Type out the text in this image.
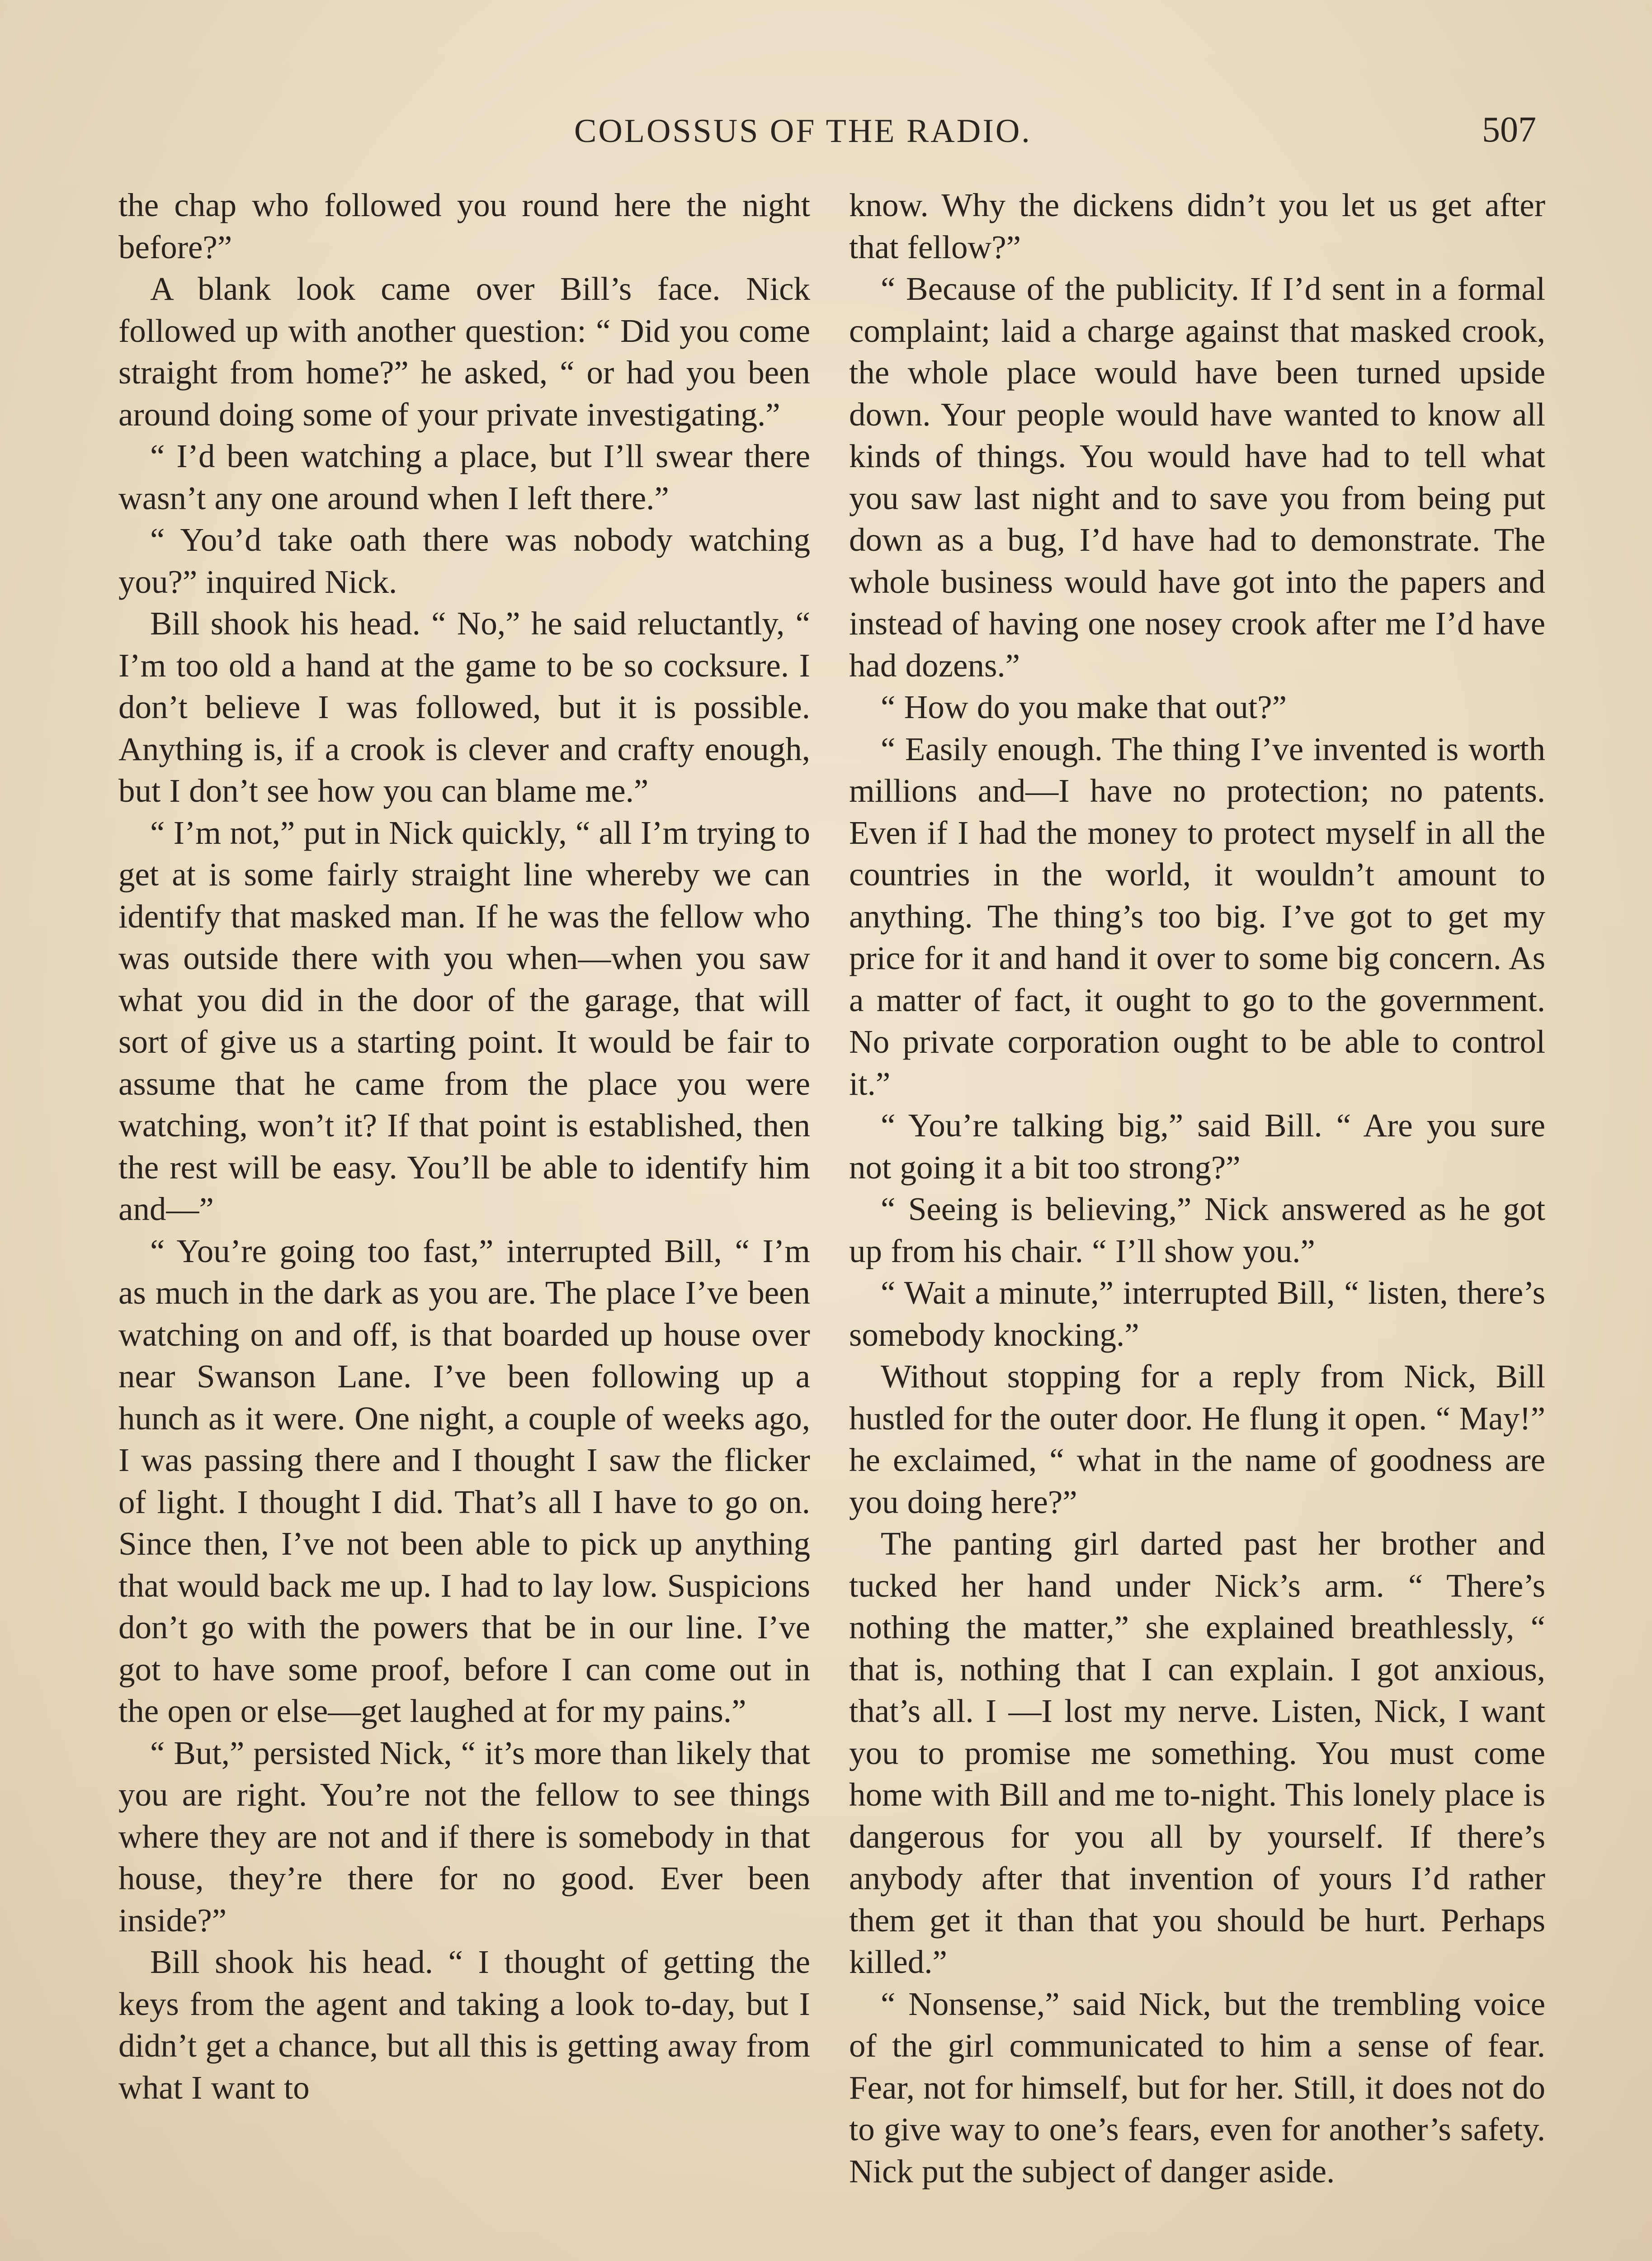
COLOSSUS OF THE RADIO.	507

the chap who followed you round here the night before?”

A blank look came over Bill’s face. Nick followed up with another question: “ Did you come straight from home?” he asked, “ or had you been around doing some of your private investigating.”

“ I’d been watching a place, but I’ll swear there wasn’t any one around when I left there.”

“ You’d take oath there was nobody watching you?” inquired Nick.

Bill shook his head. “ No,” he said reluctantly, “ I’m too old a hand at the game to be so cocksure. I don’t believe I was followed, but it is possible. Anything is, if a crook is clever and crafty enough, but I don’t see how you can blame me.”

“ I’m not,” put in Nick quickly, “ all I’m trying to get at is some fairly straight line whereby we can identify that masked man. If he was the fellow who was outside there with you when—when you saw what you did in the door of the garage, that will sort of give us a starting point. It would be fair to assume that he came from the place you were watching, won’t it? If that point is established, then the rest will be easy. You’ll be able to identify him and—”

“ You’re going too fast,” interrupted Bill, “ I’m as much in the dark as you are. The place I’ve been watching on and off, is that boarded up house over near Swanson Lane. I’ve been following up a hunch as it were. One night, a couple of weeks ago, I was passing there and I thought I saw the flicker of light. I thought I did. That’s all I have to go on. Since then, I’ve not been able to pick up anything that would back me up. I had to lay low. Suspicions don’t go with the powers that be in our line. I’ve got to have some proof, before I can come out in the open or else—get laughed at for my pains.”

“ But,” persisted Nick, “ it’s more than likely that you are right. You’re not the fellow to see things where they are not and if there is somebody in that house, they’re there for no good. Ever been inside?”

Bill shook his head. “ I thought of getting the keys from the agent and taking a look to-day, but I didn’t get a chance, but all this is getting away from what I want to

know. Why the dickens didn’t you let us get after that fellow?”

“ Because of the publicity. If I’d sent in a formal complaint; laid a charge against that masked crook, the whole place would have been turned upside down. Your people would have wanted to know all kinds of things. You would have had to tell what you saw last night and to save you from being put down as a bug, I’d have had to demonstrate. The whole business would have got into the papers and instead of having one nosey crook after me I’d have had dozens.”

“ How do you make that out?”

“ Easily enough. The thing I’ve invented is worth millions and—I have no protection; no patents. Even if I had the money to protect myself in all the countries in the world, it wouldn’t amount to anything. The thing’s too big. I’ve got to get my price for it and hand it over to some big concern. As a matter of fact, it ought to go to the government. No private corporation ought to be able to control it.”

“ You’re talking big,” said Bill. “ Are you sure not going it a bit too strong?”

“ Seeing is believing,” Nick answered as he got up from his chair. “ I’ll show you.”

“ Wait a minute,” interrupted Bill, “ listen, there’s somebody knocking.”

Without stopping for a reply from Nick, Bill hustled for the outer door. He flung it open. “ May!” he exclaimed, “ what in the name of goodness are you doing here?”

The panting girl darted past her brother and tucked her hand under Nick’s arm. “ There’s nothing the matter,” she explained breathlessly, “ that is, nothing that I can explain. I got anxious, that’s all. I —I lost my nerve. Listen, Nick, I want you to promise me something. You must come home with Bill and me to-night. This lonely place is dangerous for you all by yourself. If there’s anybody after that invention of yours I’d rather them get it than that you should be hurt. Perhaps killed.”

“ Nonsense,” said Nick, but the trembling voice of the girl communicated to him a sense of fear. Fear, not for himself, but for her. Still, it does not do to give way to one’s fears, even for another’s safety. Nick put the subject of danger aside.
